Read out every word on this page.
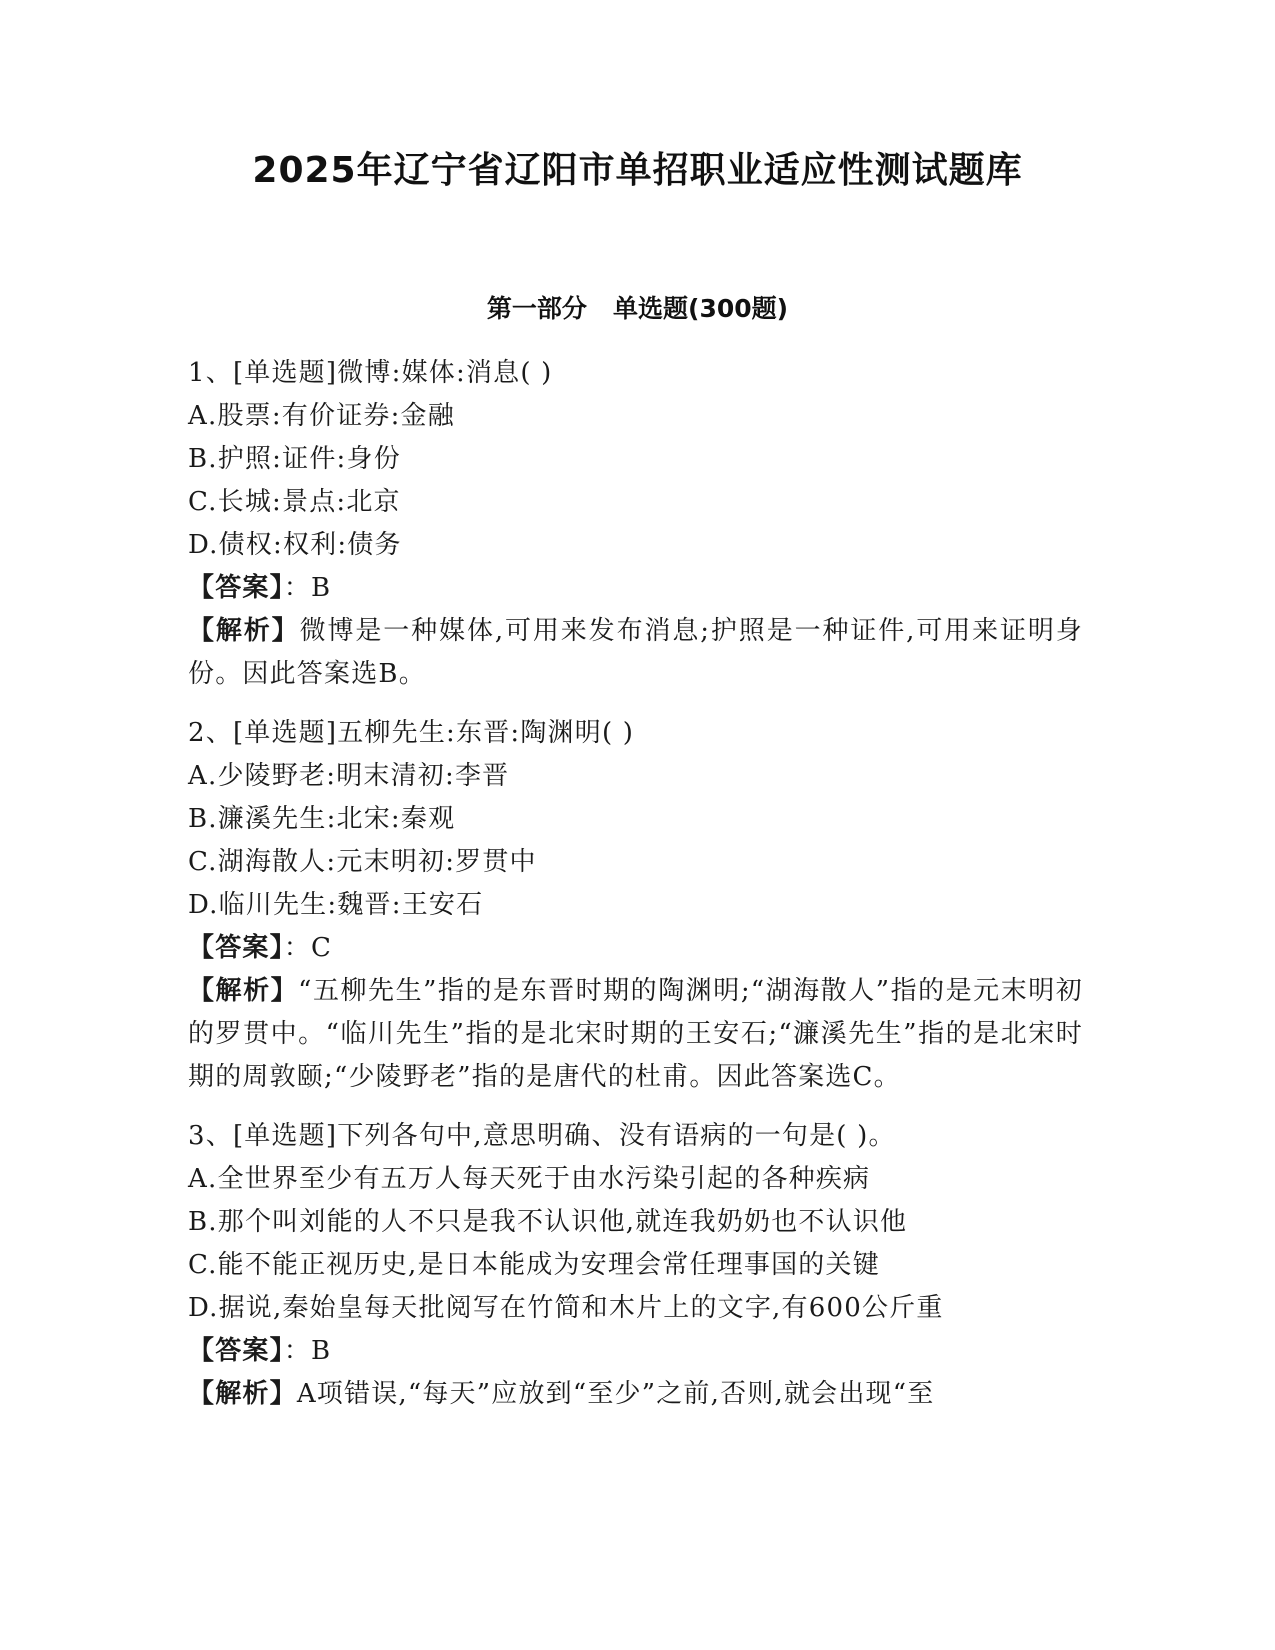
2025年辽宁省辽阳市单招职业适应性测试题库
第一部分   单选题(300题)
1、[单选题]微博:媒体:消息( )
A.股票:有价证券:金融
B.护照:证件:身份
C.长城:景点:北京
D.债权:权利:债务
【答案】：B
【解析】微博是一种媒体,可用来发布消息;护照是一种证件,可用来证明身份。因此答案选B。
2、[单选题]五柳先生:东晋:陶渊明( )
A.少陵野老:明末清初:李晋
B.濂溪先生:北宋:秦观
C.湖海散人:元末明初:罗贯中
D.临川先生:魏晋:王安石
【答案】：C
【解析】“五柳先生”指的是东晋时期的陶渊明;“湖海散人”指的是元末明初的罗贯中。“临川先生”指的是北宋时期的王安石;“濂溪先生”指的是北宋时期的周敦颐;“少陵野老”指的是唐代的杜甫。因此答案选C。
3、[单选题]下列各句中,意思明确、没有语病的一句是( )。
A.全世界至少有五万人每天死于由水污染引起的各种疾病
B.那个叫刘能的人不只是我不认识他,就连我奶奶也不认识他
C.能不能正视历史,是日本能成为安理会常任理事国的关键
D.据说,秦始皇每天批阅写在竹简和木片上的文字,有600公斤重
【答案】：B
【解析】A项错误,“每天”应放到“至少”之前,否则,就会出现“至
